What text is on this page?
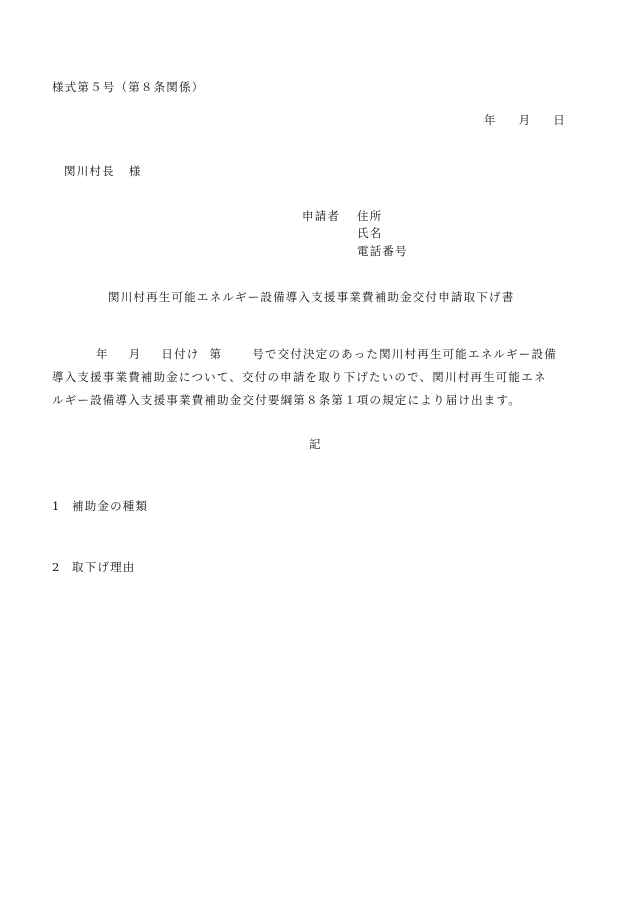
様式第５号（第８条関係）
年 月 日
関川村長 様
申請者 住所
氏名
電話番号
関川村再生可能エネルギー設備導入支援事業費補助金交付申請取下げ書
年 月 日付け 第	号で交付決定のあった関川村再生可能エネルギー設備
導入支援事業費補助金について、交付の申請を取り下げたいので、関川村再生可能エネ
ルギー設備導入支援事業費補助金交付要綱第８条第１項の規定により届け出ます。
記
1 補助金の種類
2 取下げ理由
